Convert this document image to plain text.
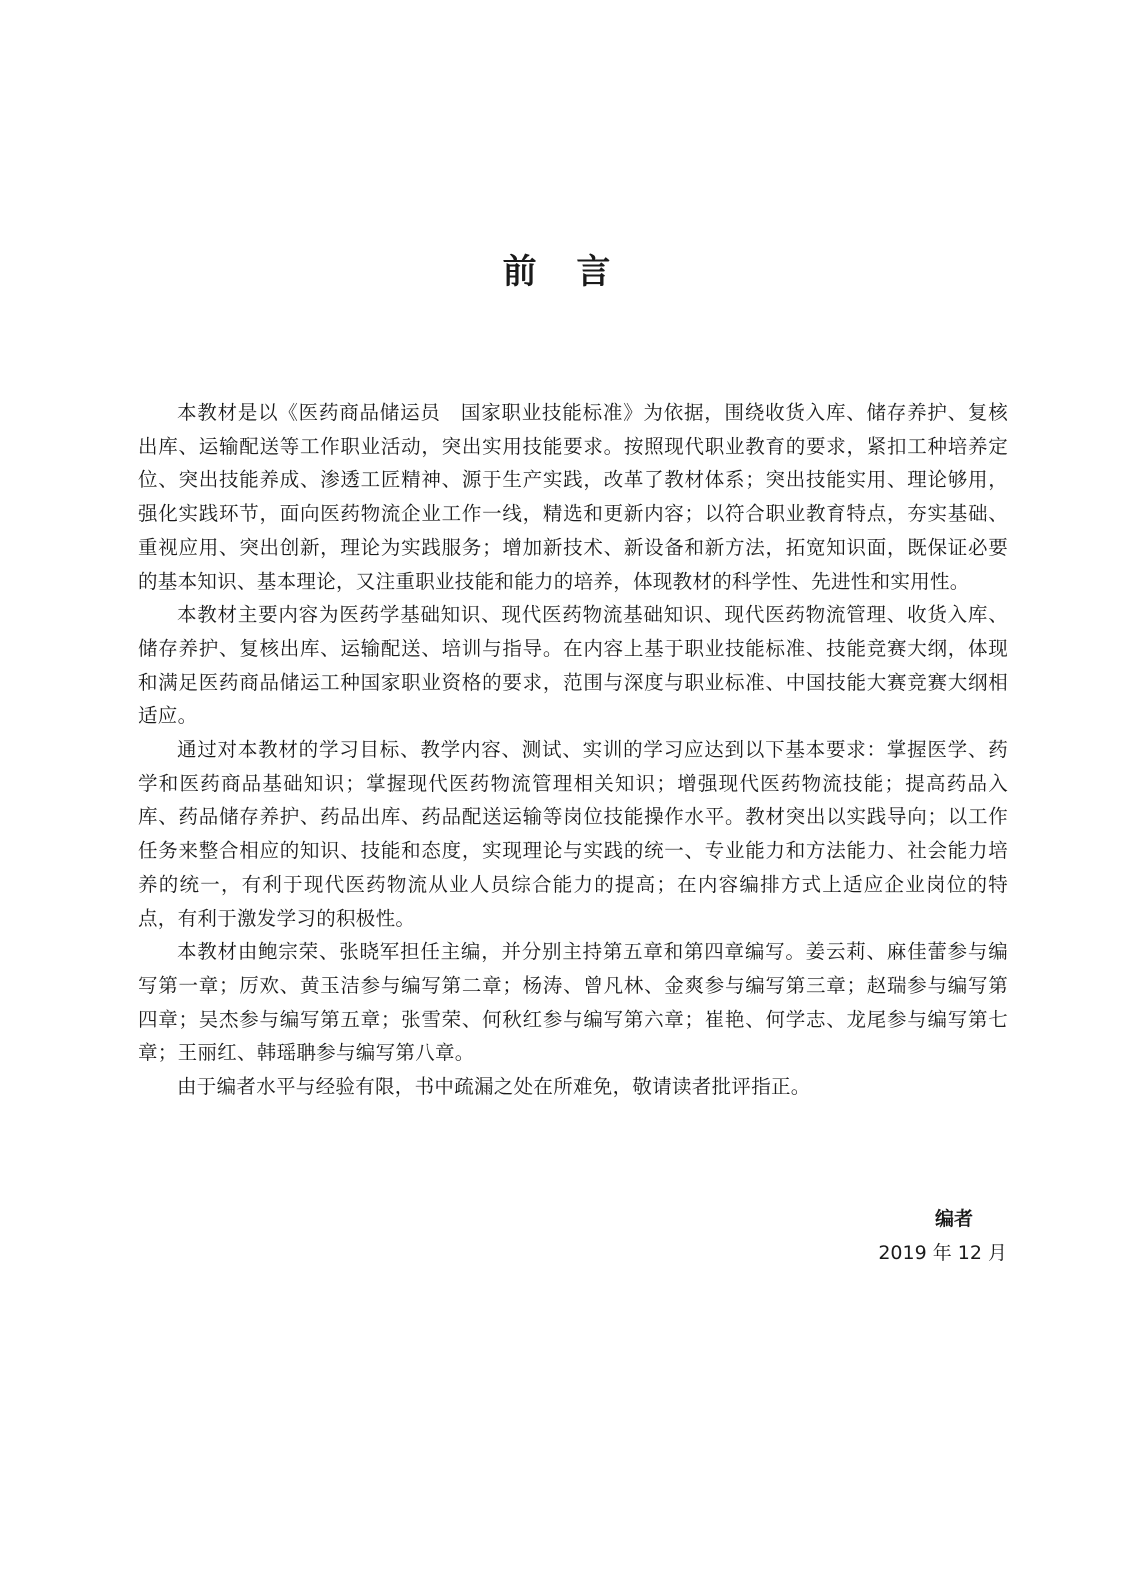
前 言

本教材是以《医药商品储运员　国家职业技能标准》为依据，围绕收货入库、储存养护、复核出库、运输配送等工作职业活动，突出实用技能要求。按照现代职业教育的要求，紧扣工种培养定位、突出技能养成、渗透工匠精神、源于生产实践，改革了教材体系；突出技能实用、理论够用，强化实践环节，面向医药物流企业工作一线，精选和更新内容；以符合职业教育特点，夯实基础、重视应用、突出创新，理论为实践服务；增加新技术、新设备和新方法，拓宽知识面，既保证必要的基本知识、基本理论，又注重职业技能和能力的培养，体现教材的科学性、先进性和实用性。

本教材主要内容为医药学基础知识、现代医药物流基础知识、现代医药物流管理、收货入库、储存养护、复核出库、运输配送、培训与指导。在内容上基于职业技能标准、技能竞赛大纲，体现和满足医药商品储运工种国家职业资格的要求，范围与深度与职业标准、中国技能大赛竞赛大纲相适应。

通过对本教材的学习目标、教学内容、测试、实训的学习应达到以下基本要求：掌握医学、药学和医药商品基础知识；掌握现代医药物流管理相关知识；增强现代医药物流技能；提高药品入库、药品储存养护、药品出库、药品配送运输等岗位技能操作水平。教材突出以实践导向；以工作任务来整合相应的知识、技能和态度，实现理论与实践的统一、专业能力和方法能力、社会能力培养的统一，有利于现代医药物流从业人员综合能力的提高；在内容编排方式上适应企业岗位的特点，有利于激发学习的积极性。

本教材由鲍宗荣、张晓军担任主编，并分别主持第五章和第四章编写。姜云莉、麻佳蕾参与编写第一章；厉欢、黄玉洁参与编写第二章；杨涛、曾凡林、金爽参与编写第三章；赵瑞参与编写第四章；吴杰参与编写第五章；张雪荣、何秋红参与编写第六章；崔艳、何学志、龙尾参与编写第七章；王丽红、韩瑶聃参与编写第八章。

由于编者水平与经验有限，书中疏漏之处在所难免，敬请读者批评指正。

编者
2019 年 12 月
